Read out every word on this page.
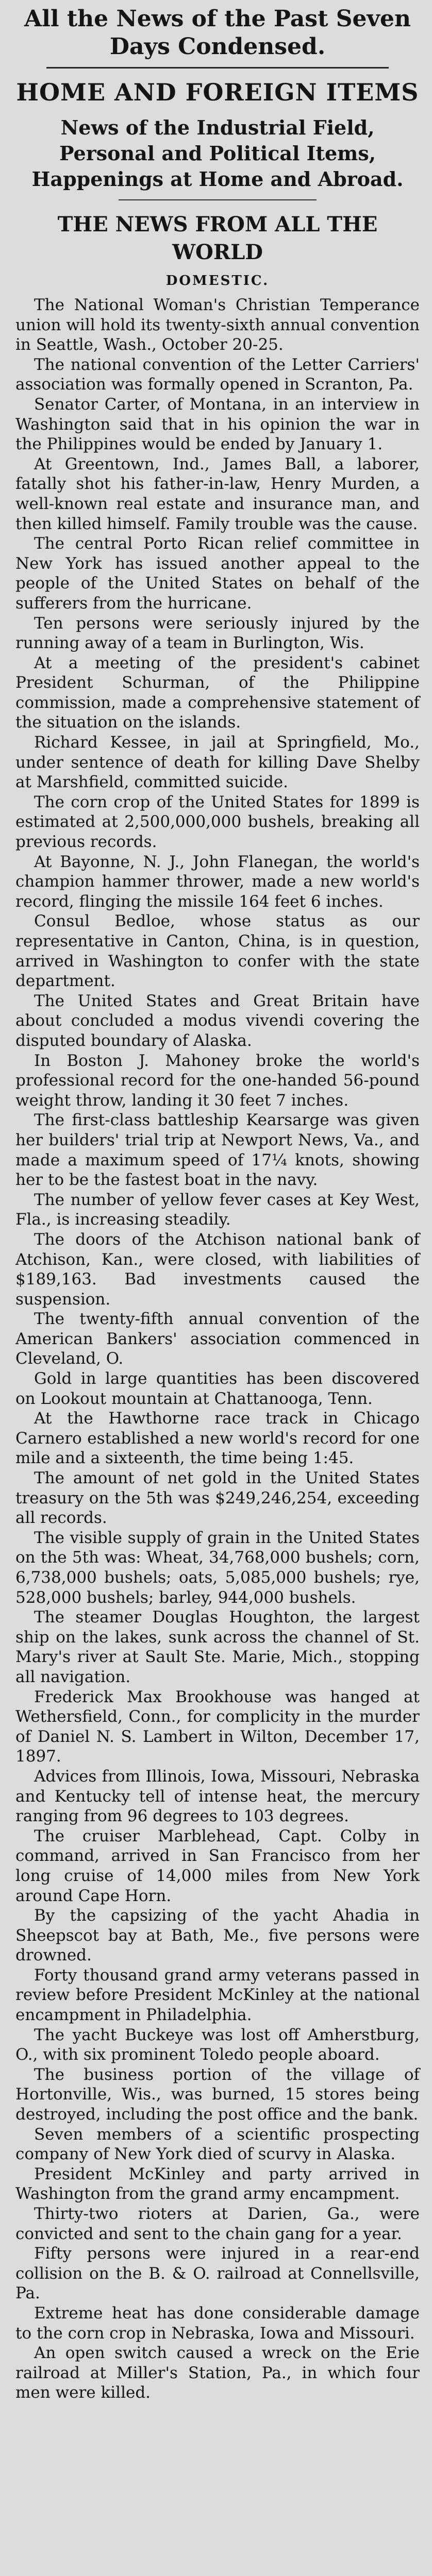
All the News of the Past Seven Days Condensed.
HOME AND FOREIGN ITEMS
News of the Industrial Field, Personal and Political Items, Happenings at Home and Abroad.
THE NEWS FROM ALL THE WORLD
DOMESTIC.

The National Woman's Christian Temperance union will hold its twenty-sixth annual convention in Seattle, Wash., October 20-25.

The national convention of the Letter Carriers' association was formally opened in Scranton, Pa.

Senator Carter, of Montana, in an interview in Washington said that in his opinion the war in the Philippines would be ended by January 1.

At Greentown, Ind., James Ball, a laborer, fatally shot his father-in-law, Henry Murden, a well-known real estate and insurance man, and then killed himself. Family trouble was the cause.

The central Porto Rican relief committee in New York has issued another appeal to the people of the United States on behalf of the sufferers from the hurricane.

Ten persons were seriously injured by the running away of a team in Burlington, Wis.

At a meeting of the president's cabinet President Schurman, of the Philippine commission, made a comprehensive statement of the situation on the islands.

Richard Kessee, in jail at Springfield, Mo., under sentence of death for killing Dave Shelby at Marshfield, committed suicide.

The corn crop of the United States for 1899 is estimated at 2,500,000,000 bushels, breaking all previous records.

At Bayonne, N. J., John Flanegan, the world's champion hammer thrower, made a new world's record, flinging the missile 164 feet 6 inches.

Consul Bedloe, whose status as our representative in Canton, China, is in question, arrived in Washington to confer with the state department.

The United States and Great Britain have about concluded a modus vivendi covering the disputed boundary of Alaska.

In Boston J. Mahoney broke the world's professional record for the one-handed 56-pound weight throw, landing it 30 feet 7 inches.

The first-class battleship Kearsarge was given her builders' trial trip at Newport News, Va., and made a maximum speed of 17¼ knots, showing her to be the fastest boat in the navy.

The number of yellow fever cases at Key West, Fla., is increasing steadily.

The doors of the Atchison national bank of Atchison, Kan., were closed, with liabilities of $189,163. Bad investments caused the suspension.

The twenty-fifth annual convention of the American Bankers' association commenced in Cleveland, O.

Gold in large quantities has been discovered on Lookout mountain at Chattanooga, Tenn.

At the Hawthorne race track in Chicago Carnero established a new world's record for one mile and a sixteenth, the time being 1:45.

The amount of net gold in the United States treasury on the 5th was $249,246,254, exceeding all records.

The visible supply of grain in the United States on the 5th was: Wheat, 34,768,000 bushels; corn, 6,738,000 bushels; oats, 5,085,000 bushels; rye, 528,000 bushels; barley, 944,000 bushels.

The steamer Douglas Houghton, the largest ship on the lakes, sunk across the channel of St. Mary's river at Sault Ste. Marie, Mich., stopping all navigation.

Frederick Max Brookhouse was hanged at Wethersfield, Conn., for complicity in the murder of Daniel N. S. Lambert in Wilton, December 17, 1897.

Advices from Illinois, Iowa, Missouri, Nebraska and Kentucky tell of intense heat, the mercury ranging from 96 degrees to 103 degrees.

The cruiser Marblehead, Capt. Colby in command, arrived in San Francisco from her long cruise of 14,000 miles from New York around Cape Horn.

By the capsizing of the yacht Ahadia in Sheepscot bay at Bath, Me., five persons were drowned.

Forty thousand grand army veterans passed in review before President McKinley at the national encampment in Philadelphia.

The yacht Buckeye was lost off Amherstburg, O., with six prominent Toledo people aboard.

The business portion of the village of Hortonville, Wis., was burned, 15 stores being destroyed, including the post office and the bank.

Seven members of a scientific prospecting company of New York died of scurvy in Alaska.

President McKinley and party arrived in Washington from the grand army encampment.

Thirty-two rioters at Darien, Ga., were convicted and sent to the chain gang for a year.

Fifty persons were injured in a rear-end collision on the B. & O. railroad at Connellsville, Pa.

Extreme heat has done considerable damage to the corn crop in Nebraska, Iowa and Missouri.

An open switch caused a wreck on the Erie railroad at Miller's Station, Pa., in which four men were killed.
